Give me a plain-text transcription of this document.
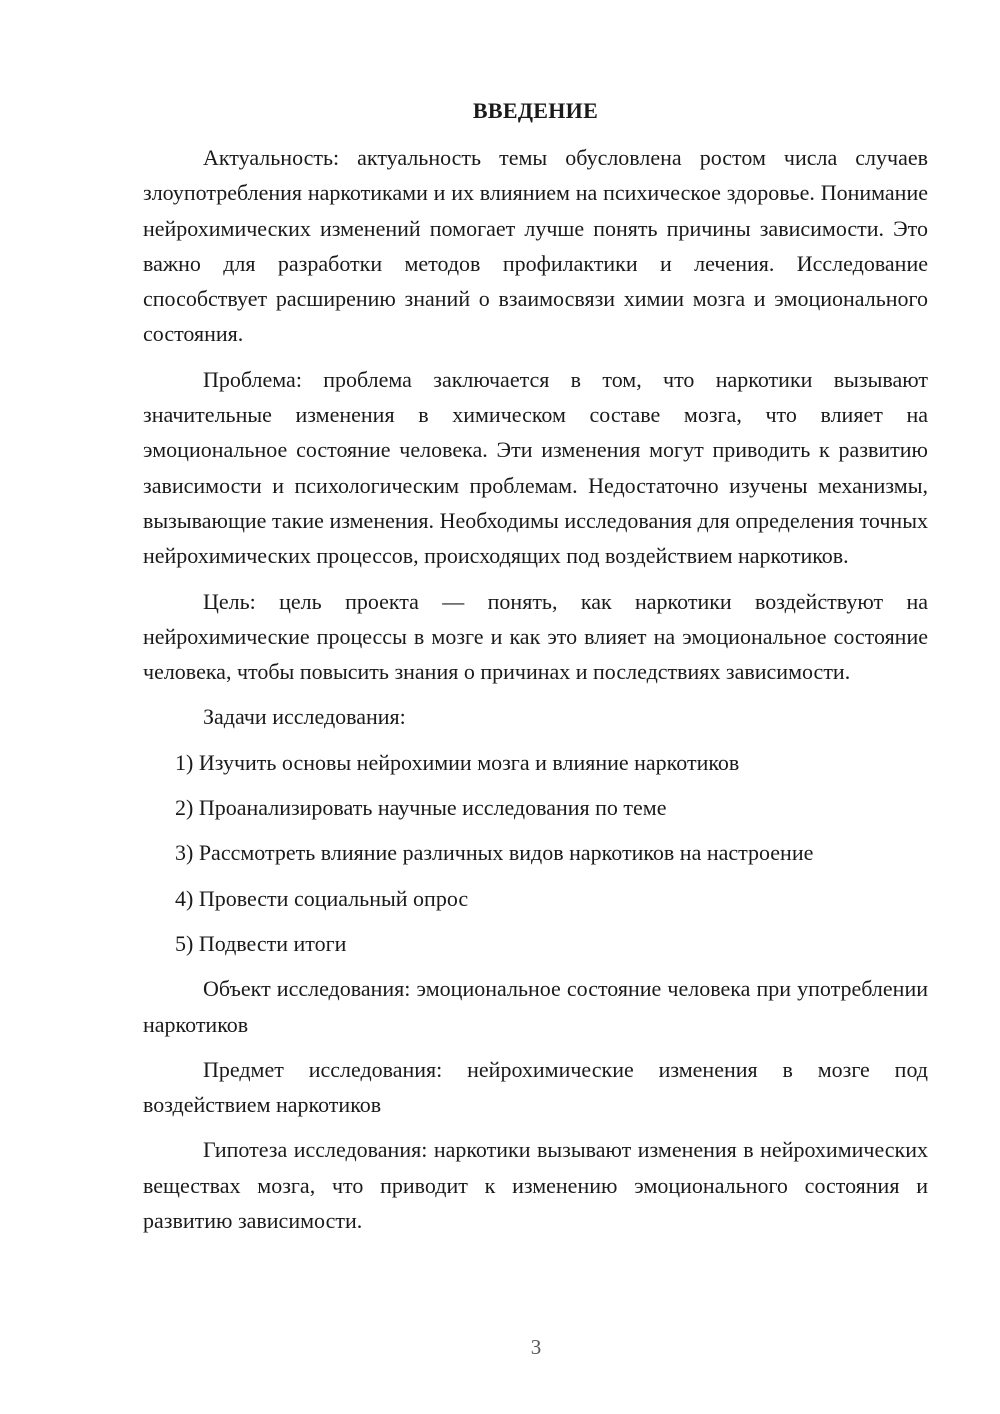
ВВЕДЕНИЕ

Актуальность: актуальность темы обусловлена ростом числа случаев злоупотребления наркотиками и их влиянием на психическое здоровье. Понимание нейрохимических изменений помогает лучше понять причины зависимости. Это важно для разработки методов профилактики и лечения. Исследование способствует расширению знаний о взаимосвязи химии мозга и эмоционального состояния.

Проблема: проблема заключается в том, что наркотики вызывают значительные изменения в химическом составе мозга, что влияет на эмоциональное состояние человека. Эти изменения могут приводить к развитию зависимости и психологическим проблемам. Недостаточно изучены механизмы, вызывающие такие изменения. Необходимы исследования для определения точных нейрохимических процессов, происходящих под воздействием наркотиков.

Цель: цель проекта — понять, как наркотики воздействуют на нейрохимические процессы в мозге и как это влияет на эмоциональное состояние человека, чтобы повысить знания о причинах и последствиях зависимости.

Задачи исследования:

1) Изучить основы нейрохимии мозга и влияние наркотиков

2) Проанализировать научные исследования по теме

3) Рассмотреть влияние различных видов наркотиков на настроение

4) Провести социальный опрос

5) Подвести итоги

Объект исследования: эмоциональное состояние человека при употреблении наркотиков

Предмет исследования: нейрохимические изменения в мозге под воздействием наркотиков

Гипотеза исследования: наркотики вызывают изменения в нейрохимических веществах мозга, что приводит к изменению эмоционального состояния и развитию зависимости.

3
